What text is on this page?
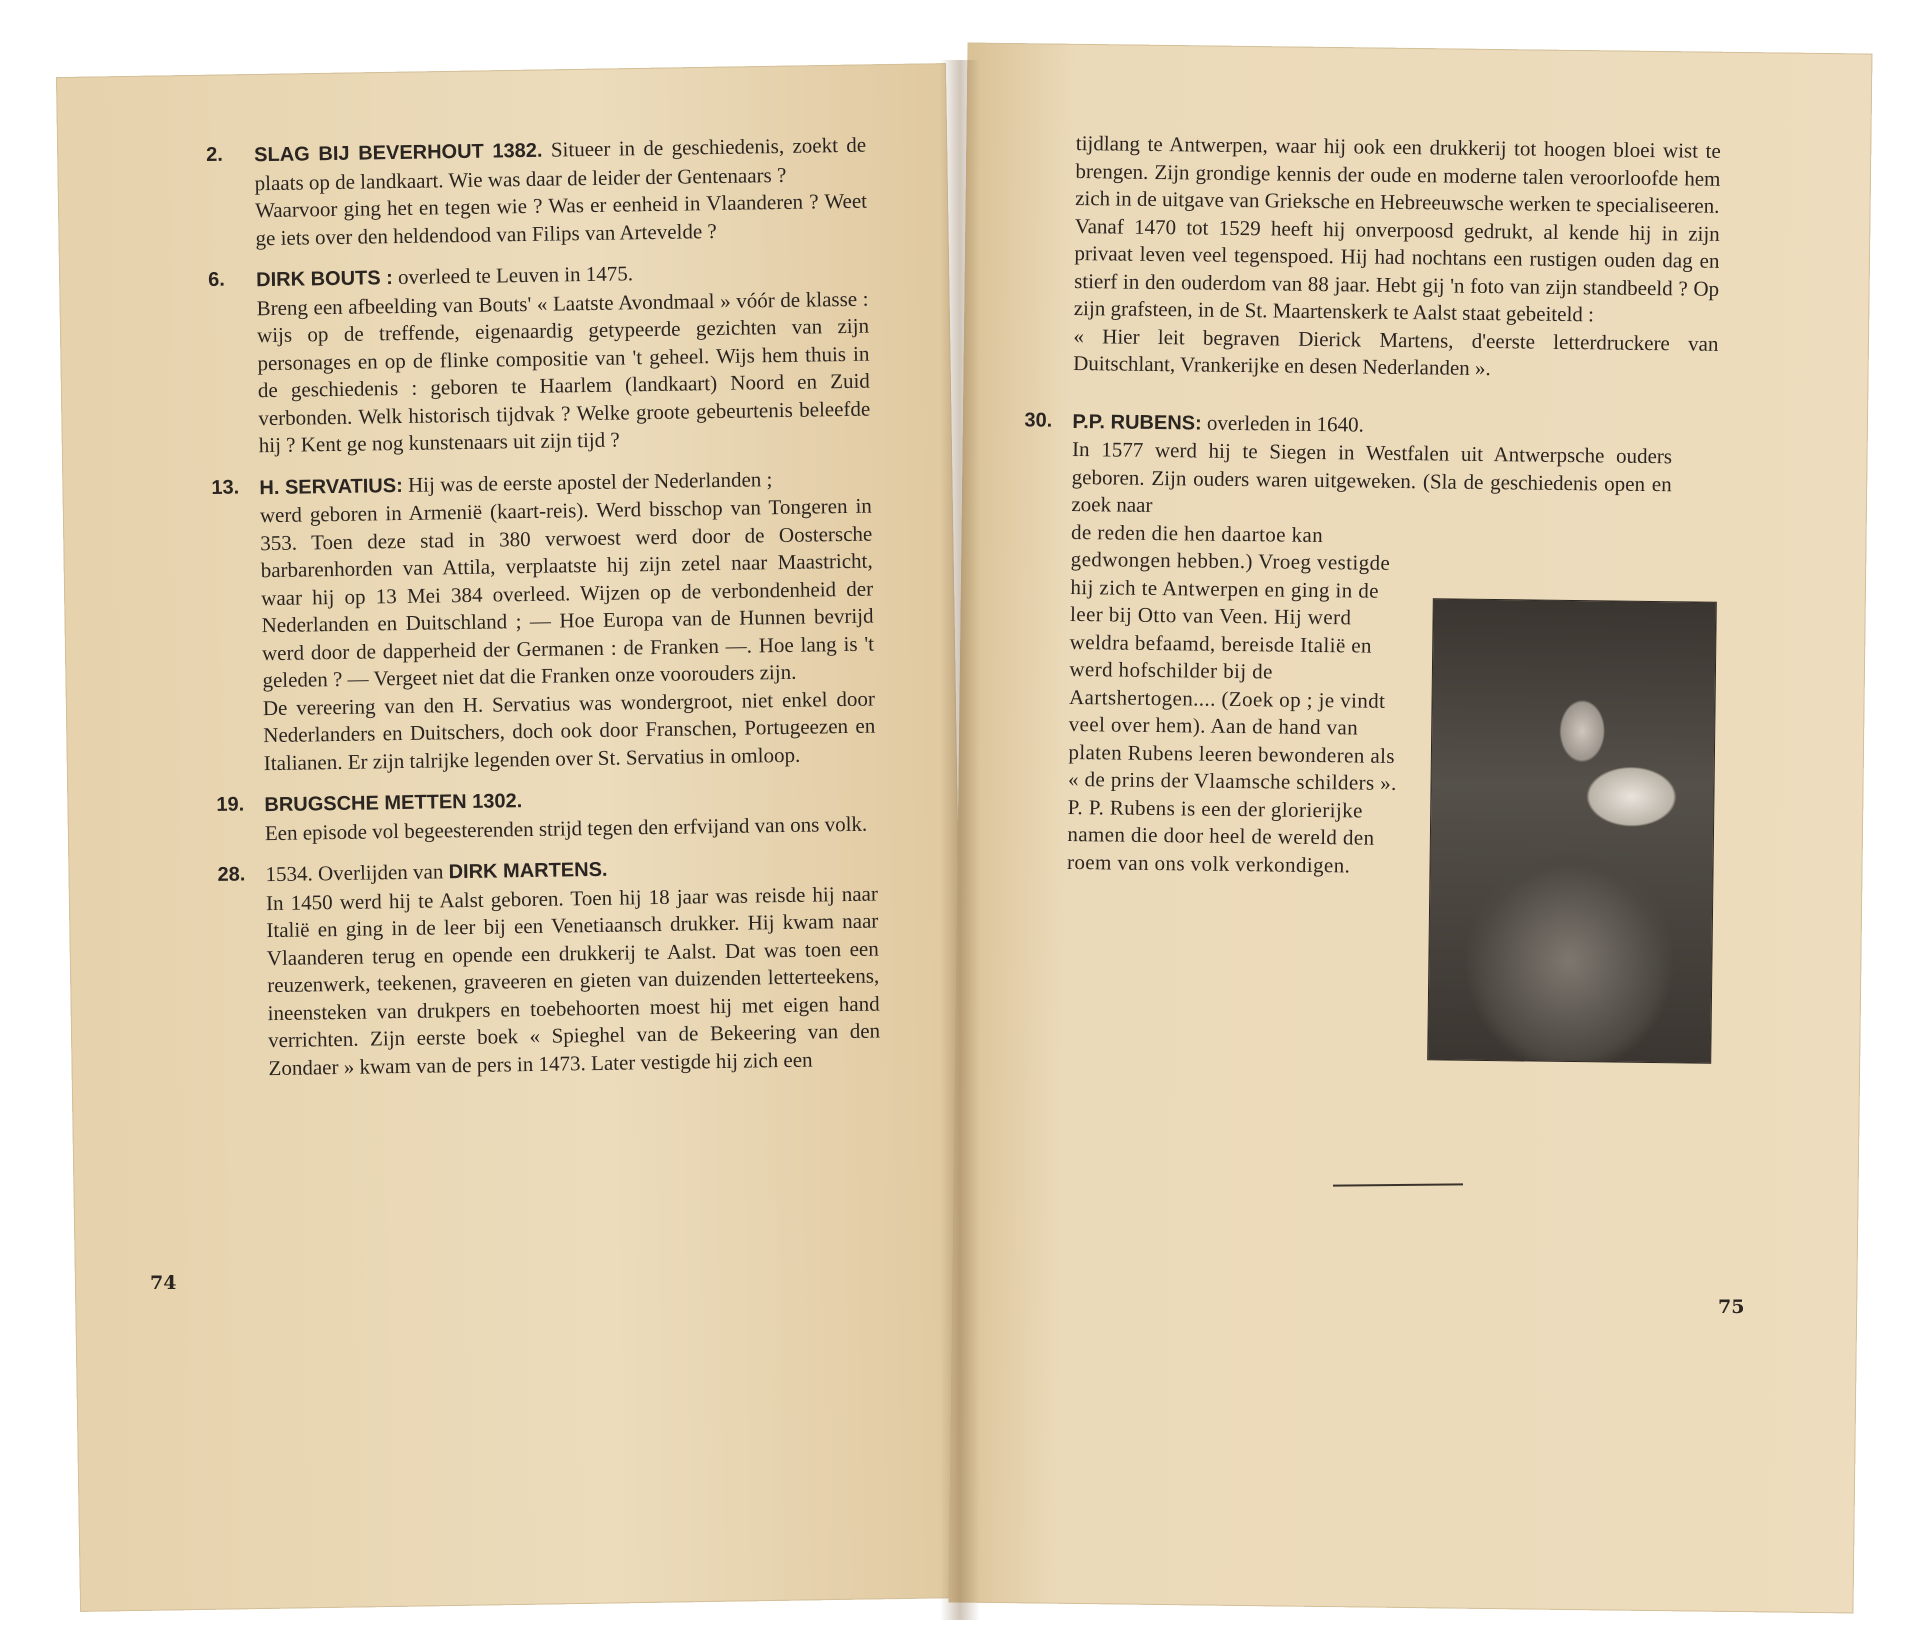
2. SLAG BIJ BEVERHOUT 1382. Situeer in de geschiedenis, zoekt de plaats op de landkaart. Wie was daar de leider der Gentenaars ?

Waarvoor ging het en tegen wie ? Was er eenheid in Vlaanderen ? Weet ge iets over den heldendood van Filips van Artevelde ?

6. DIRK BOUTS : overleed te Leuven in 1475.

Breng een afbeelding van Bouts' « Laatste Avondmaal » vóór de klasse : wijs op de treffende, eigenaardig getypeerde gezichten van zijn personages en op de flinke compositie van 't geheel. Wijs hem thuis in de geschiedenis : geboren te Haarlem (landkaart) Noord en Zuid verbonden. Welk historisch tijdvak ? Welke groote gebeurtenis beleefde hij ? Kent ge nog kunstenaars uit zijn tijd ?

13. H. SERVATIUS: Hij was de eerste apostel der Nederlanden ;

werd geboren in Armenië (kaart-reis). Werd bisschop van Tongeren in 353. Toen deze stad in 380 verwoest werd door de Oostersche barbarenhorden van Attila, verplaatste hij zijn zetel naar Maastricht, waar hij op 13 Mei 384 overleed. Wijzen op de verbondenheid der Nederlanden en Duitschland ; — Hoe Europa van de Hunnen bevrijd werd door de dapperheid der Germanen : de Franken —. Hoe lang is 't geleden ? — Vergeet niet dat die Franken onze voorouders zijn.

De vereering van den H. Servatius was wondergroot, niet enkel door Nederlanders en Duitschers, doch ook door Franschen, Portugeezen en Italianen. Er zijn talrijke legenden over St. Servatius in omloop.

19. BRUGSCHE METTEN 1302.

Een episode vol begeesterenden strijd tegen den erfvijand van ons volk.

28. 1534. Overlijden van DIRK MARTENS.

In 1450 werd hij te Aalst geboren. Toen hij 18 jaar was reisde hij naar Italië en ging in de leer bij een Venetiaansch drukker. Hij kwam naar Vlaanderen terug en opende een drukkerij te Aalst. Dat was toen een reuzenwerk, teekenen, graveeren en gieten van duizenden letterteekens, ineensteken van drukpers en toebehoorten moest hij met eigen hand verrichten. Zijn eerste boek « Spieghel van de Bekeering van den Zondaer » kwam van de pers in 1473. Later vestigde hij zich een

74

tijdlang te Antwerpen, waar hij ook een drukkerij tot hoogen bloei wist te brengen. Zijn grondige kennis der oude en moderne talen veroorloofde hem zich in de uitgave van Grieksche en Hebreeuwsche werken te specialiseeren.

Vanaf 1470 tot 1529 heeft hij onverpoosd gedrukt, al kende hij in zijn privaat leven veel tegenspoed. Hij had nochtans een rustigen ouden dag en stierf in den ouderdom van 88 jaar. Hebt gij 'n foto van zijn standbeeld ? Op zijn grafsteen, in de St. Maartenskerk te Aalst staat gebeiteld :

« Hier leit begraven Dierick Martens, d'eerste letterdruckere van Duitschlant, Vrankerijke en desen Nederlanden ».

30. P.P. RUBENS: overleden in 1640.

In 1577 werd hij te Siegen in Westfalen uit Antwerpsche ouders geboren. Zijn ouders waren uitgeweken. (Sla de geschiedenis open en zoek naar

de reden die hen daartoe kan gedwongen hebben.) Vroeg vestigde hij zich te Antwerpen en ging in de leer bij Otto van Veen. Hij werd weldra befaamd, bereisde Italië en werd hofschilder bij de Aartshertogen.... (Zoek op ; je vindt veel over hem). Aan de hand van platen Rubens leeren bewonderen als « de prins der Vlaamsche schilders ».

P. P. Rubens is een der glorierijke namen die door heel de wereld den roem van ons volk verkondigen.

75
